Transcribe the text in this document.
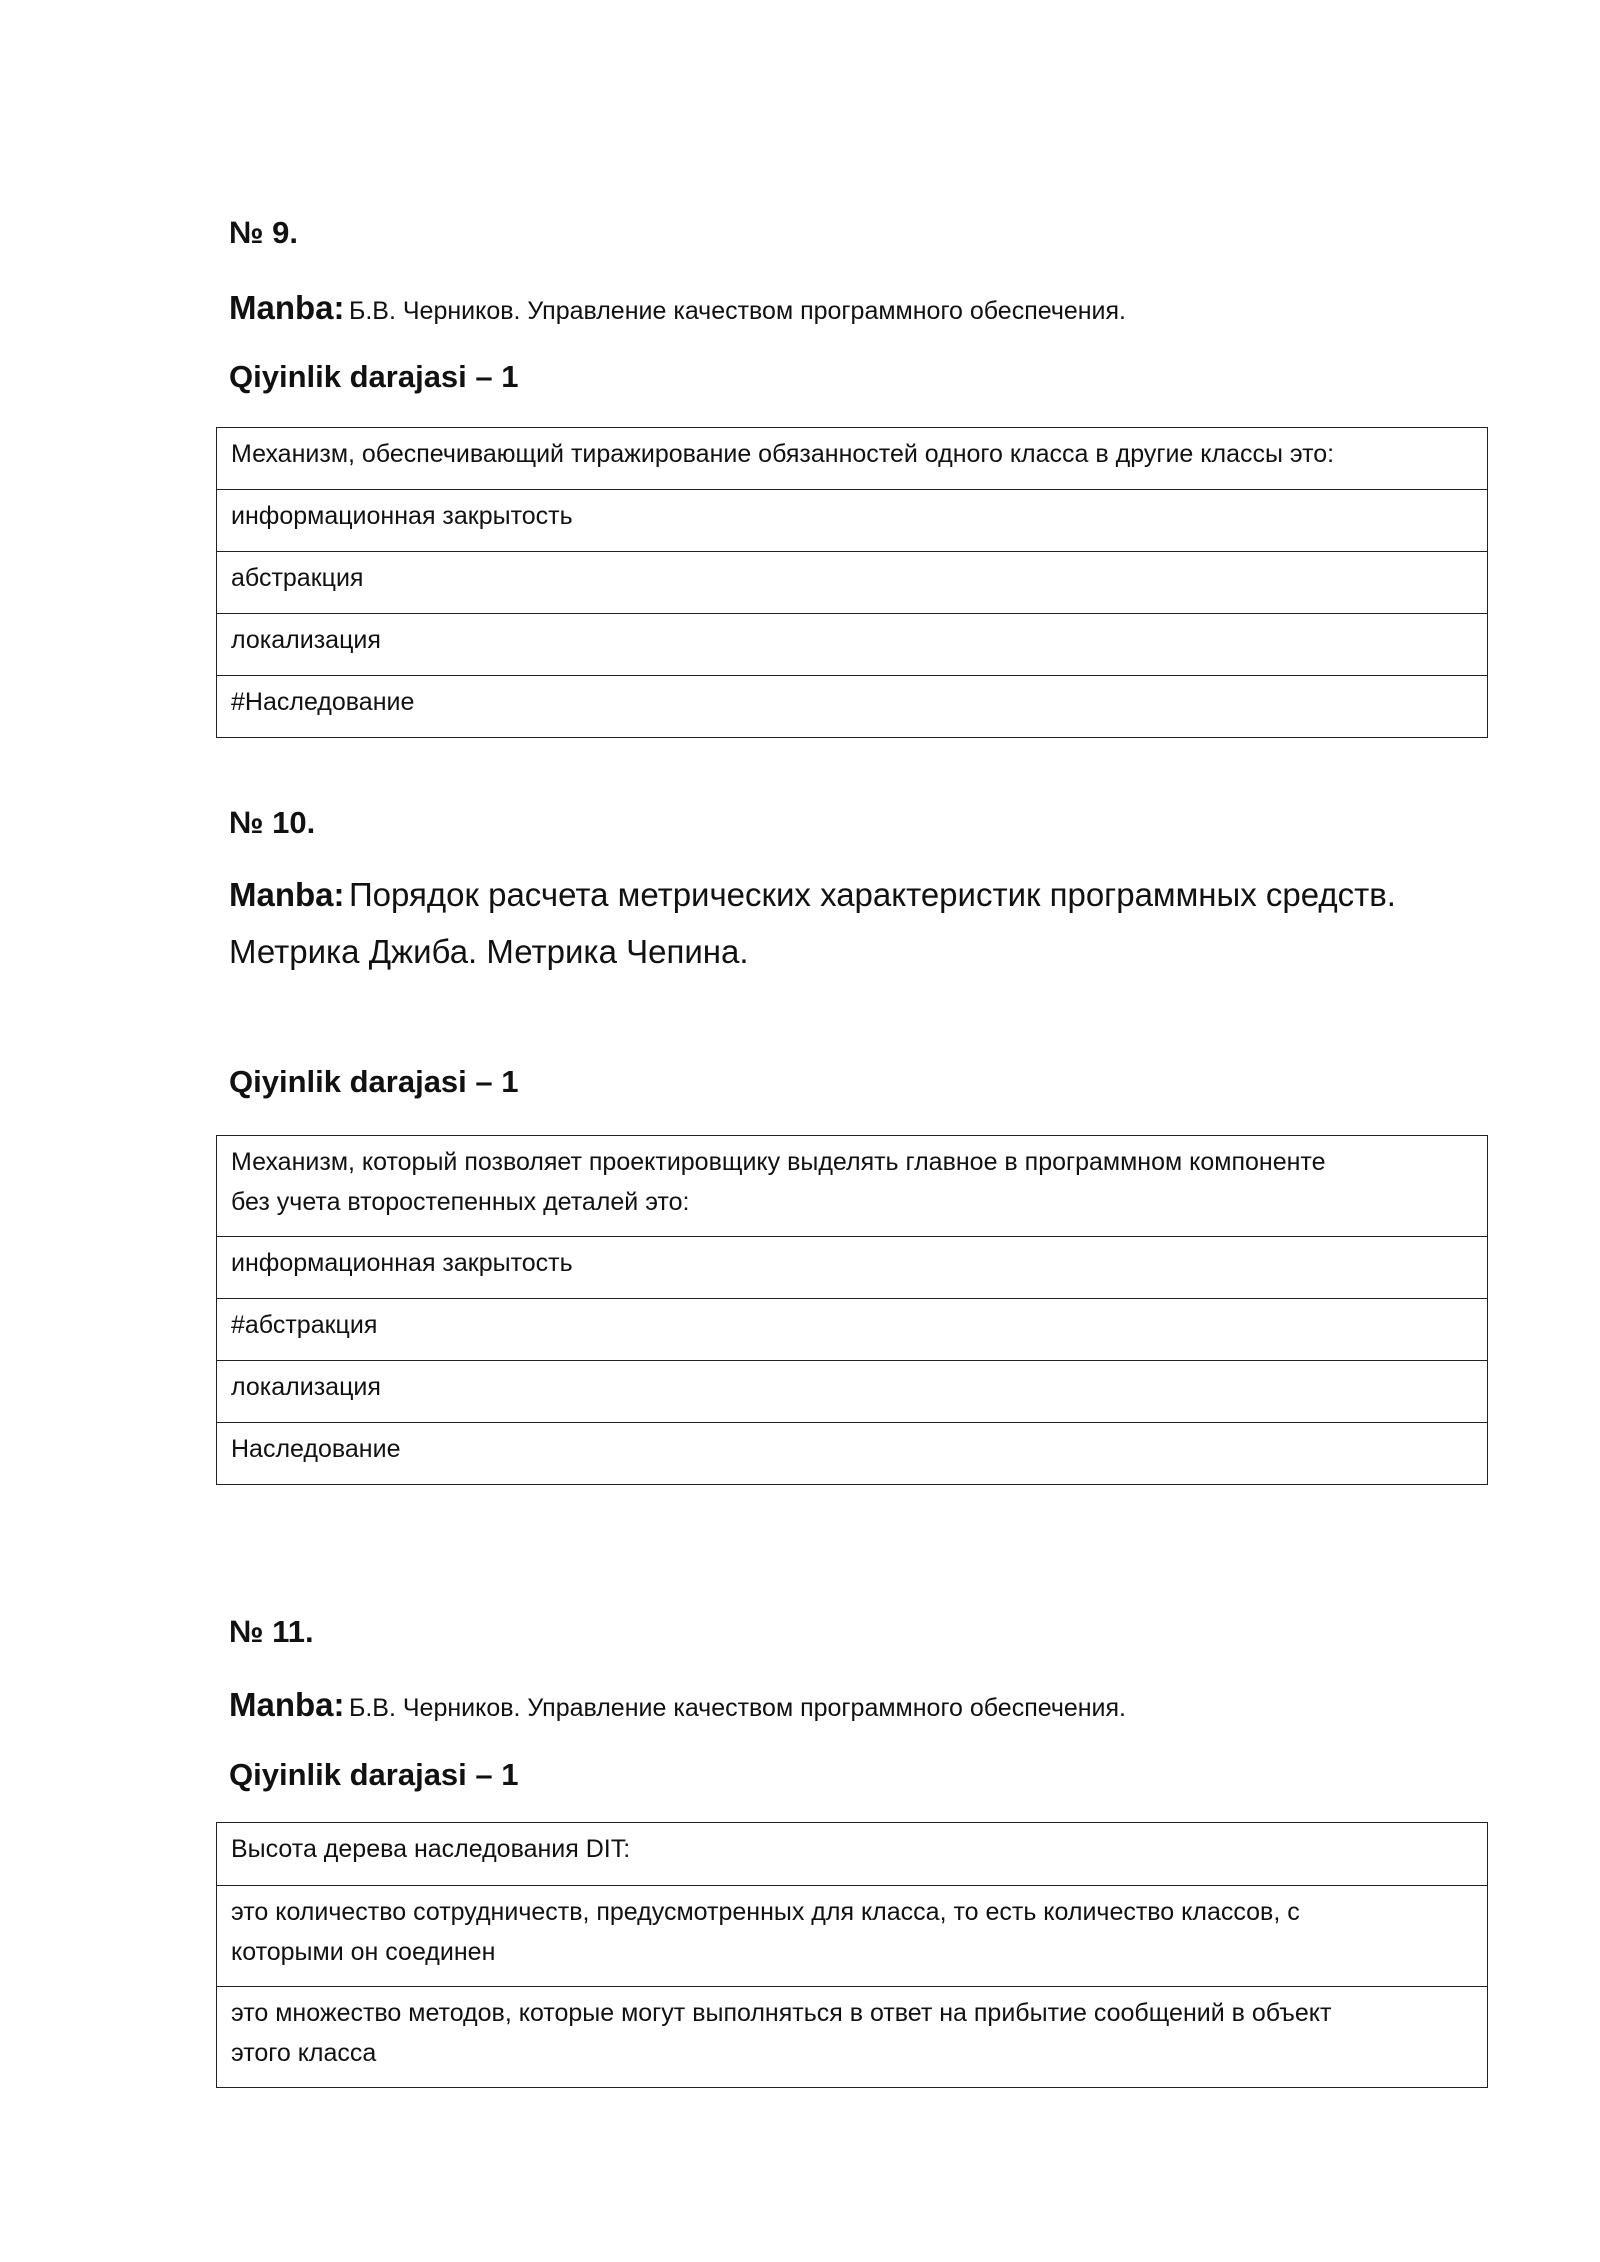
№ 9.

Manba: Б.В. Черников. Управление качеством программного обеспечения.

Qiyinlik darajasi – 1

Механизм, обеспечивающий тиражирование обязанностей одного класса в другие классы это:
информационная закрытость
абстракция
локализация
#Наследование

№ 10.

Manba: Порядок расчета метрических характеристик программных средств.
Метрика Джиба. Метрика Чепина.

Qiyinlik darajasi – 1

Механизм, который позволяет проектировщику выделять главное в программном компоненте
без учета второстепенных деталей это:
информационная закрытость
#абстракция
локализация
Наследование

№ 11.

Manba: Б.В. Черников. Управление качеством программного обеспечения.

Qiyinlik darajasi – 1

Высота дерева наследования DIT:
это количество сотрудничеств, предусмотренных для класса, то есть количество классов, с
которыми он соединен
это множество методов, которые могут выполняться в ответ на прибытие сообщений в объект
этого класса
